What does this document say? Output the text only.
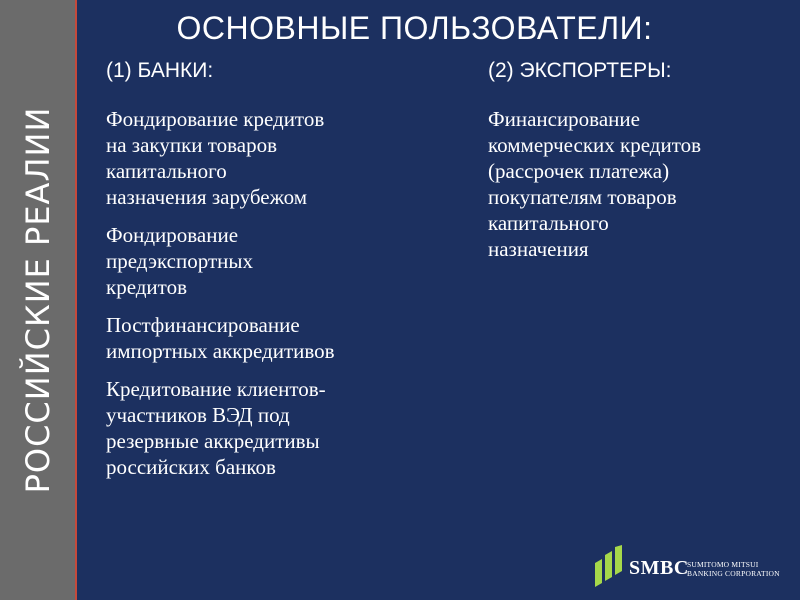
РОССИЙСКИЕ РЕАЛИИ
ОСНОВНЫЕ ПОЛЬЗОВАТЕЛИ:
(1) БАНКИ:

Фондирование кредитов
на закупки товаров
капитального
назначения зарубежом

Фондирование
предэкспортных
кредитов

Постфинансирование
импортных аккредитивов

Кредитование клиентов-
участников ВЭД под
резервные аккредитивы
российских банков

(2) ЭКСПОРТЕРЫ:

Финансирование
коммерческих кредитов
(рассрочек платежа)
покупателям товаров
капитального
назначения

SMBC
SUMITOMO MITSUI
BANKING CORPORATION
